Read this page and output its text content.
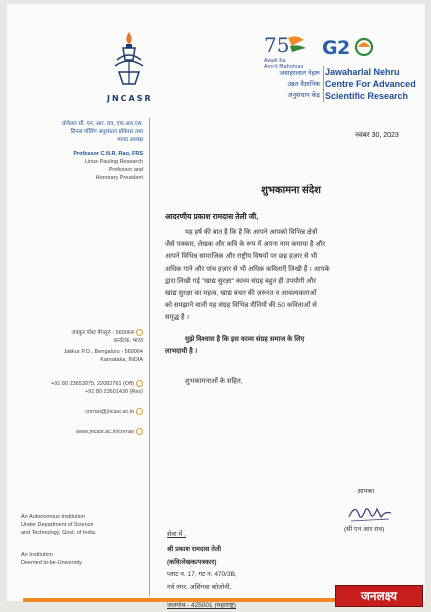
JNCASR
75
Azadi Ka
Amrit Mahotsav
G 2
जवाहरलाल नेहरू
उन्नत वैज्ञानिक
अनुसंधान केंद्र
Jawaharlal Nehru
Centre For Advanced
Scientific Research
प्रोफेसर सी. एन. आर. राव, एफ.आर.एस.
लिनस पॉलिंग अनुसंधान प्रोफेसर तथा
मानद अध्यक्ष
Professor C.N.R. Rao, FRS
Linus Pauling Research
Professor and
Honorary President
जक्कूर पोस्ट बेंगलूरु - 560064
कर्नाटक, भारत
Jakkur P.O., Bengaluru - 560064
Karnataka, INDIA
+91 80 23653075, 22082761 (Off)
+91 80 23601430 (Res)
cnrrao@jncasr.ac.in
www.jncasr.ac.in/cnrrao
An Autonomous Institution
Under Department of Science
and Technology, Govt. of India.
An Institution
Deemed to-be-University
नवंबर 30, 2023
शुभकामना संदेश
आदरणीय प्रकाश रामदास तेली जी,
यह हर्ष की बात है कि है कि आपने आपको विभिन्न क्षेत्रों
जैसे पत्रकार, लेखक और कवि के रूप में अपना नाम कमाया है और
आपने विभिन्न सामाजिक और राष्ट्रीय विषयों पर छह हज़ार से भी
अधिक गाने और पांच हज़ार से भी अधिक कविताएँ लिखी हैं । आपके
द्वारा लिखी गई "खाद्य सुरक्षा" काव्य संग्रह बहुत ही उपयोगी और
खाद्य सुरक्षा का महत्व, खाद्य बचत की ज़रूरत व आवश्यकताओं
को समझाने वाली यह संग्रह विभिन्न शैलियों की 50 कविताओं से
समृद्ध है ।
मुझे विश्वास है कि इस काव्य संग्रह समाज के लिए
लाभदायी है ।
शुभकामनाओं के सहित,
आपका
(सी एन आर राव)
सेवा में ,
श्री प्रकाश रामदास तेली
(कवि/लेखक/पत्रकार)
प्लाट न. 17, गट न. 470/3B,
गर्व नगर, अशिंगवा कोलोनी,
जलगांव - 425001 (महाराष्ट्र)
जनलक्ष्य
